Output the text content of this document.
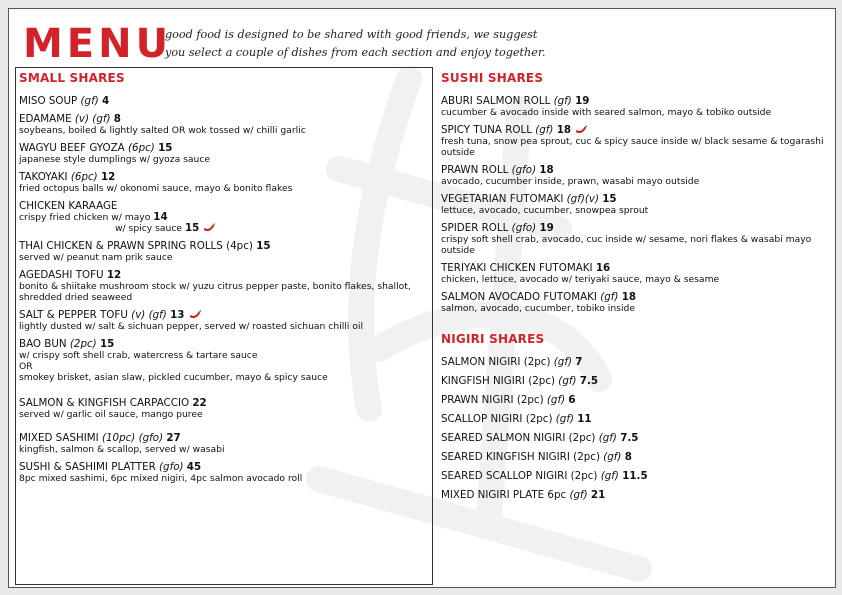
MENU
good food is designed to be shared with good friends, we suggest
you select a couple of dishes from each section and enjoy together.
SMALL SHARES
MISO SOUP (gf) 4
EDAMAME (v) (gf) 8
soybeans, boiled & lightly salted OR wok tossed w/ chilli garlic
WAGYU BEEF GYOZA (6pc) 15
japanese style dumplings w/ gyoza sauce
TAKOYAKI (6pc) 12
fried octopus balls w/ okonomi sauce, mayo & bonito flakes
CHICKEN KARAAGE
crispy fried chicken w/ mayo 14
w/ spicy sauce 15
THAI CHICKEN & PRAWN SPRING ROLLS (4pc) 15
served w/ peanut nam prik sauce
AGEDASHI TOFU 12
bonito & shiitake mushroom stock w/ yuzu citrus pepper paste, bonito flakes, shallot, shredded dried seaweed
SALT & PEPPER TOFU (v) (gf) 13
lightly dusted w/ salt & sichuan pepper, served w/ roasted sichuan chilli oil
BAO BUN (2pc) 15
w/ crispy soft shell crab, watercress & tartare sauce
OR
smokey brisket, asian slaw, pickled cucumber, mayo & spicy sauce
SALMON & KINGFISH CARPACCIO 22
served w/ garlic oil sauce, mango puree
MIXED SASHIMI (10pc) (gfo) 27
kingfish, salmon & scallop, served w/ wasabi
SUSHI & SASHIMI PLATTER (gfo) 45
8pc mixed sashimi, 6pc mixed nigiri, 4pc salmon avocado roll
SUSHI SHARES
ABURI SALMON ROLL (gf) 19
cucumber & avocado inside with seared salmon, mayo & tobiko outside
SPICY TUNA ROLL (gf) 18
fresh tuna, snow pea sprout, cuc & spicy sauce inside w/ black sesame & togarashi outside
PRAWN ROLL (gfo) 18
avocado, cucumber inside, prawn, wasabi mayo outside
VEGETARIAN FUTOMAKI (gf)(v) 15
lettuce, avocado, cucumber, snowpea sprout
SPIDER ROLL (gfo) 19
crispy soft shell crab, avocado, cuc inside w/ sesame, nori flakes & wasabi mayo outside
TERIYAKI CHICKEN FUTOMAKI 16
chicken, lettuce, avocado w/ teriyaki sauce, mayo & sesame
SALMON AVOCADO FUTOMAKI (gf) 18
salmon, avocado, cucumber, tobiko inside
NIGIRI SHARES
SALMON NIGIRI (2pc) (gf) 7
KINGFISH NIGIRI (2pc) (gf) 7.5
PRAWN NIGIRI (2pc) (gf) 6
SCALLOP NIGIRI (2pc) (gf) 11
SEARED SALMON NIGIRI (2pc) (gf) 7.5
SEARED KINGFISH NIGIRI (2pc) (gf) 8
SEARED SCALLOP NIGIRI (2pc) (gf) 11.5
MIXED NIGIRI PLATE 6pc (gf) 21
